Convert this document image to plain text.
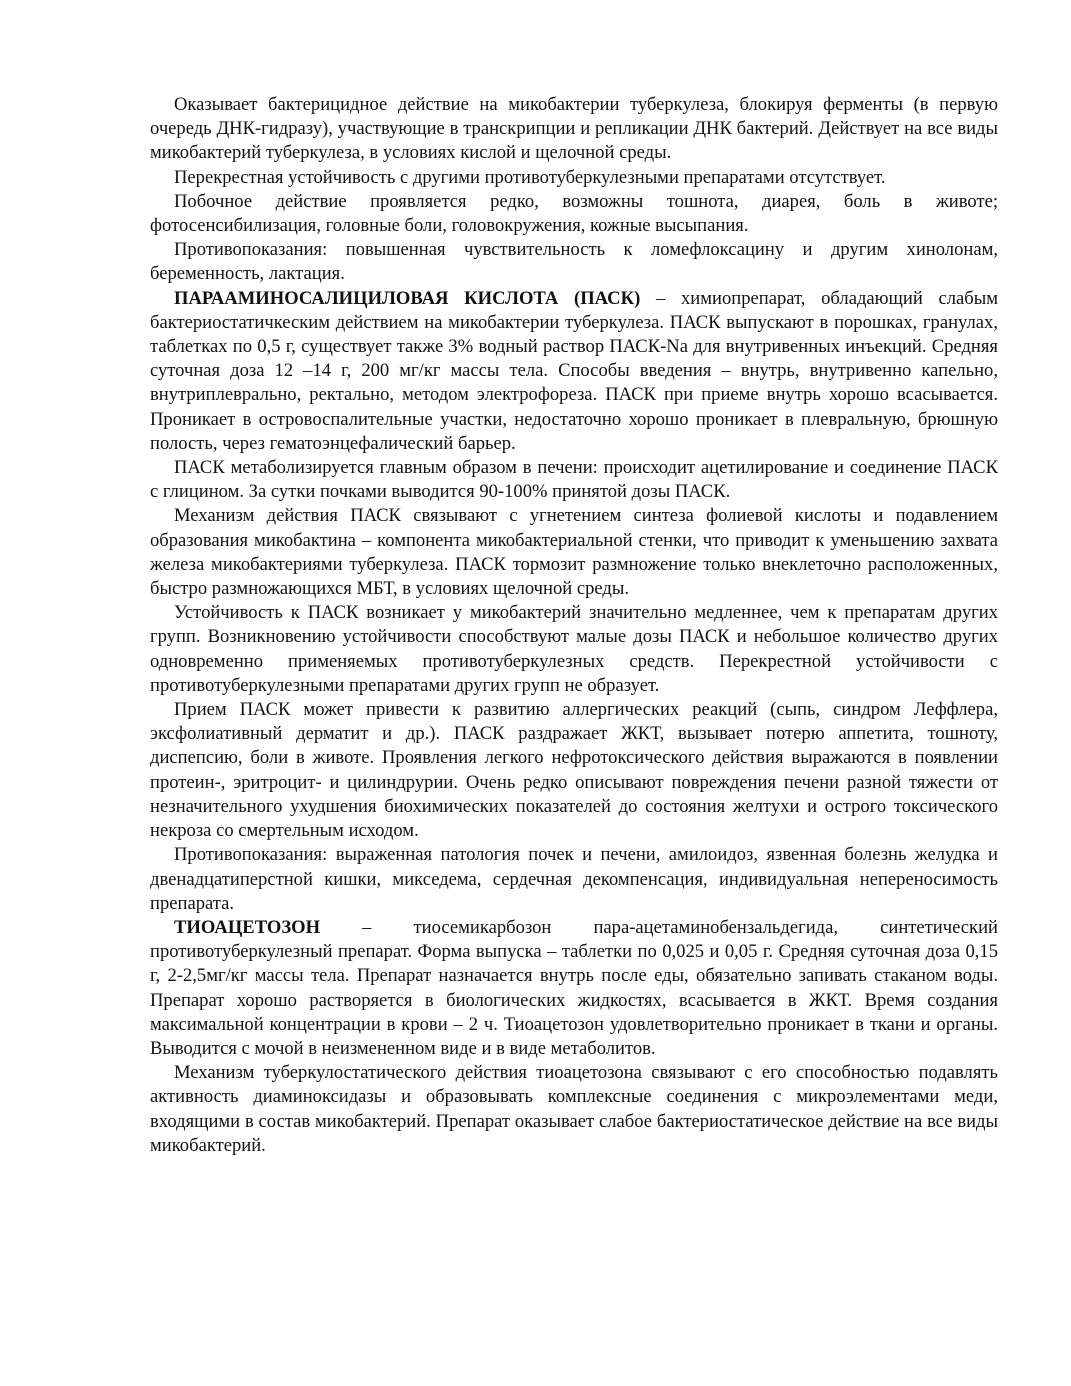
Оказывает бактерицидное действие на микобактерии туберкулеза, блокируя ферменты (в первую очередь ДНК-гидразу), участвующие в транскрипции и репликации ДНК бактерий. Действует на все виды микобактерий туберкулеза, в условиях кислой и щелочной среды.

Перекрестная устойчивость с другими противотуберкулезными препаратами отсутствует.

Побочное действие проявляется редко, возможны тошнота, диарея, боль в животе; фотосенсибилизация, головные боли, головокружения, кожные высыпания.

Противопоказания: повышенная чувствительность к ломефлоксацину и другим хинолонам, беременность, лактация.

ПАРААМИНОСАЛИЦИЛОВАЯ КИСЛОТА (ПАСК) – химиопрепарат, обладающий слабым бактериостатичкеским действием на микобактерии туберкулеза. ПАСК выпускают в порошках, гранулах, таблетках по 0,5 г, существует также 3% водный раствор ПАСК-Na для внутривенных инъекций. Средняя суточная доза 12 –14 г, 200 мг/кг массы тела. Способы введения – внутрь, внутривенно капельно, внутриплеврально, ректально, методом электрофореза. ПАСК при приеме внутрь хорошо всасывается. Проникает в островоспалительные участки, недостаточно хорошо проникает в плевральную, брюшную полость, через гематоэнцефалический барьер.

ПАСК метаболизируется главным образом в печени: происходит ацетилирование и соединение ПАСК с глицином. За сутки почками выводится 90-100% принятой дозы ПАСК.

Механизм действия ПАСК связывают с угнетением синтеза фолиевой кислоты и подавлением образования микобактина – компонента микобактериальной стенки, что приводит к уменьшению захвата железа микобактериями туберкулеза. ПАСК тормозит размножение только внеклеточно расположенных, быстро размножающихся МБТ, в условиях щелочной среды.

Устойчивость к ПАСК возникает у микобактерий значительно медленнее, чем к препаратам других групп. Возникновению устойчивости способствуют малые дозы ПАСК и небольшое количество других одновременно применяемых противотуберкулезных средств. Перекрестной устойчивости с противотуберкулезными препаратами других групп не образует.

Прием ПАСК может привести к развитию аллергических реакций (сыпь, синдром Леффлера, эксфолиативный дерматит и др.). ПАСК раздражает ЖКТ, вызывает потерю аппетита, тошноту, диспепсию, боли в животе. Проявления легкого нефротоксического действия выражаются в появлении протеин-, эритроцит- и цилиндрурии. Очень редко описывают повреждения печени разной тяжести от незначительного ухудшения биохимических показателей до состояния желтухи и острого токсического некроза со смертельным исходом.

Противопоказания: выраженная патология почек и печени, амилоидоз, язвенная болезнь желудка и двенадцатиперстной кишки, микседема, сердечная декомпенсация, индивидуальная непереносимость препарата.

ТИОАЦЕТОЗОН – тиосемикарбозон пара-ацетаминобензальдегида, синтетический противотуберкулезный препарат. Форма выпуска – таблетки по 0,025 и 0,05 г. Средняя суточная доза 0,15 г, 2-2,5мг/кг массы тела. Препарат назначается внутрь после еды, обязательно запивать стаканом воды. Препарат хорошо растворяется в биологических жидкостях, всасывается в ЖКТ. Время создания максимальной концентрации в крови – 2 ч. Тиоацетозон удовлетворительно проникает в ткани и органы. Выводится с мочой в неизмененном виде и в виде метаболитов.

Механизм туберкулостатического действия тиоацетозона связывают с его способностью подавлять активность диаминоксидазы и образовывать комплексные соединения с микроэлементами меди, входящими в состав микобактерий. Препарат оказывает слабое бактериостатическое действие на все виды микобактерий.
